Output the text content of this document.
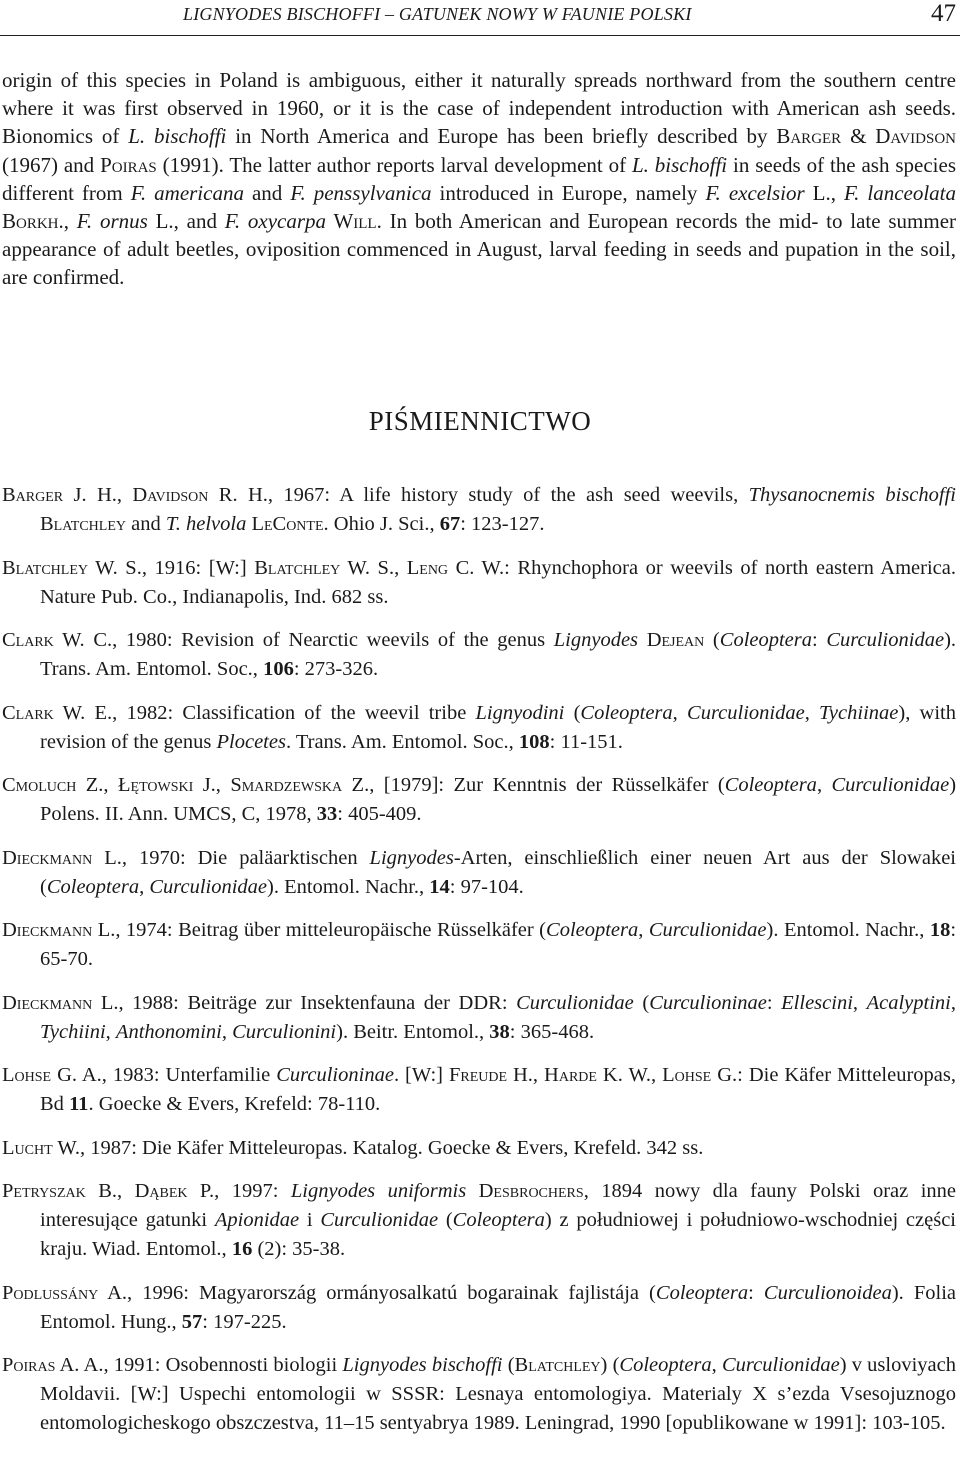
LIGNYODES BISCHOFFI – GATUNEK NOWY W FAUNIE POLSKI	47
origin of this species in Poland is ambiguous, either it naturally spreads northward from the southern centre where it was first observed in 1960, or it is the case of independent introduction with American ash seeds. Bionomics of L. bischoffi in North America and Europe has been briefly described by Barger & Davidson (1967) and Poiras (1991). The latter author reports larval development of L. bischoffi in seeds of the ash species different from F. americana and F. penssylvanica introduced in Europe, namely F. excelsior L., F. lanceolata Borkh., F. ornus L., and F. oxycarpa Will. In both American and European records the mid- to late summer appearance of adult beetles, oviposition commenced in August, larval feeding in seeds and pupation in the soil, are confirmed.
PIŚMIENNICTWO
Barger J. H., Davidson R. H., 1967: A life history study of the ash seed weevils, Thysanocnemis bischoffi Blatchley and T. helvola LeConte. Ohio J. Sci., 67: 123-127.
Blatchley W. S., 1916: [W:] Blatchley W. S., Leng C. W.: Rhynchophora or weevils of north eastern America. Nature Pub. Co., Indianapolis, Ind. 682 ss.
Clark W. C., 1980: Revision of Nearctic weevils of the genus Lignyodes Dejean (Coleoptera: Curculionidae). Trans. Am. Entomol. Soc., 106: 273-326.
Clark W. E., 1982: Classification of the weevil tribe Lignyodini (Coleoptera, Curculionidae, Tychiinae), with revision of the genus Plocetes. Trans. Am. Entomol. Soc., 108: 11-151.
Cmoluch Z., Łętowski J., Smardzewska Z., [1979]: Zur Kenntnis der Rüsselkäfer (Coleoptera, Curculionidae) Polens. II. Ann. UMCS, C, 1978, 33: 405-409.
Dieckmann L., 1970: Die paläarktischen Lignyodes-Arten, einschließlich einer neuen Art aus der Slowakei (Coleoptera, Curculionidae). Entomol. Nachr., 14: 97-104.
Dieckmann L., 1974: Beitrag über mitteleuropäische Rüsselkäfer (Coleoptera, Curculionidae). Entomol. Nachr., 18: 65-70.
Dieckmann L., 1988: Beiträge zur Insektenfauna der DDR: Curculionidae (Curculioninae: Ellescini, Acalyptini, Tychiini, Anthonomini, Curculionini). Beitr. Entomol., 38: 365-468.
Lohse G. A., 1983: Unterfamilie Curculioninae. [W:] Freude H., Harde K. W., Lohse G.: Die Käfer Mitteleuropas, Bd 11. Goecke & Evers, Krefeld: 78-110.
Lucht W., 1987: Die Käfer Mitteleuropas. Katalog. Goecke & Evers, Krefeld. 342 ss.
Petryszak B., Dąbek P., 1997: Lignyodes uniformis Desbrochers, 1894 nowy dla fauny Polski oraz inne interesujące gatunki Apionidae i Curculionidae (Coleoptera) z południowej i południowo-wschodniej części kraju. Wiad. Entomol., 16 (2): 35-38.
Podlussány A., 1996: Magyarország ormányosalkatú bogarainak fajlistája (Coleoptera: Curculionoidea). Folia Entomol. Hung., 57: 197-225.
Poiras A. A., 1991: Osobennosti biologii Lignyodes bischoffi (Blatchley) (Coleoptera, Curculionidae) v usloviyach Moldavii. [W:] Uspechi entomologii w SSSR: Lesnaya entomologiya. Materialy X s’ezda Vsesojuznogo entomologicheskogo obszczestva, 11–15 sentyabrya 1989. Leningrad, 1990 [opublikowane w 1991]: 103-105.
